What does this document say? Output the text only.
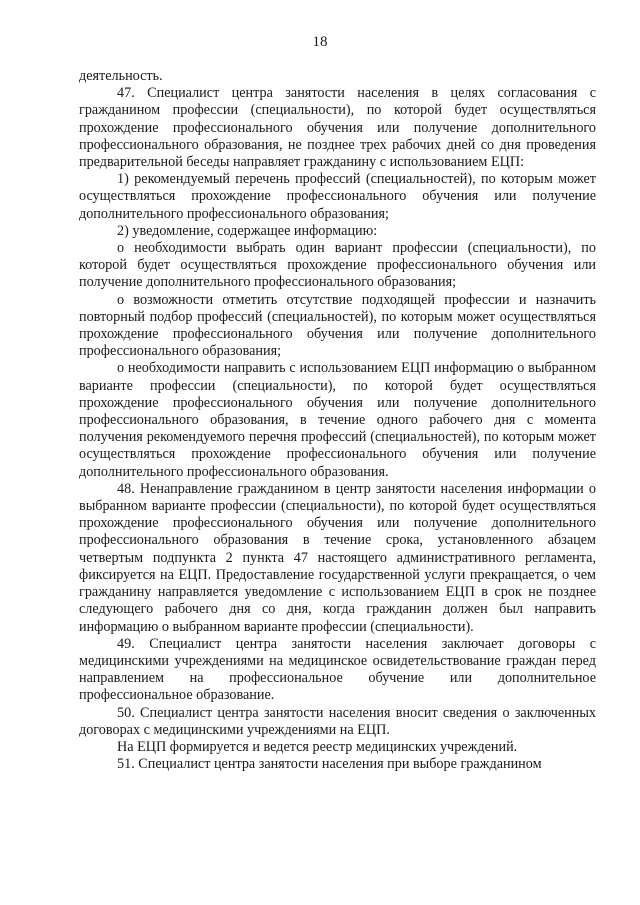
18

деятельность.

47. Специалист центра занятости населения в целях согласования с гражданином профессии (специальности), по которой будет осуществляться прохождение профессионального обучения или получение дополнительного профессионального образования, не позднее трех рабочих дней со дня проведения предварительной беседы направляет гражданину с использованием ЕЦП:

1) рекомендуемый перечень профессий (специальностей), по которым может осуществляться прохождение профессионального обучения или получение дополнительного профессионального образования;

2) уведомление, содержащее информацию:

о необходимости выбрать один вариант профессии (специальности), по которой будет осуществляться прохождение профессионального обучения или получение дополнительного профессионального образования;

о возможности отметить отсутствие подходящей профессии и назначить повторный подбор профессий (специальностей), по которым может осуществляться прохождение профессионального обучения или получение дополнительного профессионального образования;

о необходимости направить с использованием ЕЦП информацию о выбранном варианте профессии (специальности), по которой будет осуществляться прохождение профессионального обучения или получение дополнительного профессионального образования, в течение одного рабочего дня с момента получения рекомендуемого перечня профессий (специальностей), по которым может осуществляться прохождение профессионального обучения или получение дополнительного профессионального образования.

48. Ненаправление гражданином в центр занятости населения информации о выбранном варианте профессии (специальности), по которой будет осуществляться прохождение профессионального обучения или получение дополнительного профессионального образования в течение срока, установленного абзацем четвертым подпункта 2 пункта 47 настоящего административного регламента, фиксируется на ЕЦП. Предоставление государственной услуги прекращается, о чем гражданину направляется уведомление с использованием ЕЦП в срок не позднее следующего рабочего дня со дня, когда гражданин должен был направить информацию о выбранном варианте профессии (специальности).

49. Специалист центра занятости населения заключает договоры с медицинскими учреждениями на медицинское освидетельствование граждан перед направлением на профессиональное обучение или дополнительное профессиональное образование.

50. Специалист центра занятости населения вносит сведения о заключенных договорах с медицинскими учреждениями на ЕЦП.

На ЕЦП формируется и ведется реестр медицинских учреждений.

51. Специалист центра занятости населения при выборе гражданином
